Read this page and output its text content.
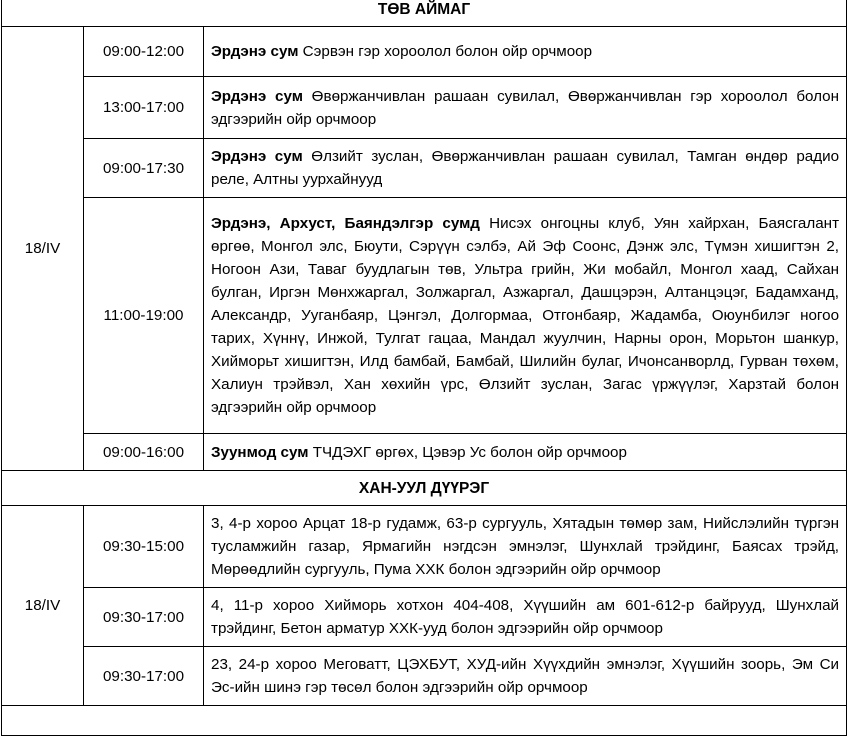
ТӨВ АЙМАГ		
18/IV	09:00-12:00	Эрдэнэ сум Сэрвэн гэр хороолол болон ойр орчмоор
	13:00-17:00	Эрдэнэ сум Өвөржанчивлан рашаан сувилал, Өвөржанчивлан гэр хороолол болон эдгээрийн ойр орчмоор
	09:00-17:30	Эрдэнэ сум Өлзийт зуслан, Өвөржанчивлан рашаан сувилал, Тамган өндөр радио реле, Алтны уурхайнууд
	11:00-19:00	Эрдэнэ, Архуст, Баяндэлгэр сумд Нисэх онгоцны клуб, Уян хайрхан, Баясгалант өргөө, Монгол элс, Бюути, Сэрүүн сэлбэ, Ай Эф Соонс, Дэнж элс, Түмэн хишигтэн 2, Ногоон Ази, Таваг буудлагын төв, Ультра грийн, Жи мобайл, Монгол хаад, Сайхан булган, Иргэн Мөнхжаргал, Золжаргал, Азжаргал, Дашцэрэн, Алтанцэцэг, Бадамханд, Александр, Ууганбаяр, Цэнгэл, Долгормаа, Отгонбаяр, Жадамба, Оюунбилэг ногоо тарих, Хүннү, Инжой, Тулгат гацаа, Мандал жуулчин, Нарны орон, Морьтон шанкур, Хийморьт хишигтэн, Илд бамбай, Бамбай, Шилийн булаг, Ичонсанворлд, Гурван төхөм, Халиун трэйвэл, Хан хөхийн үрс, Өлзийт зуслан, Загас үржүүлэг, Харзтай болон эдгээрийн ойр орчмоор
	09:00-16:00	Зуунмод сум ТЧДЭХГ өргөх, Цэвэр Ус болон ойр орчмоор
ХАН-УУЛ ДҮҮРЭГ		
18/IV	09:30-15:00	3, 4-р хороо Арцат 18-р гудамж, 63-р сургууль, Хятадын төмөр зам, Нийслэлийн түргэн тусламжийн газар, Ярмагийн нэгдсэн эмнэлэг, Шунхлай трэйдинг, Баясах трэйд, Мөрөөдлийн сургууль, Пума ХХК болон эдгээрийн ойр орчмоор
	09:30-17:00	4, 11-р хороо Хийморь хотхон 404-408, Хүүшийн ам 601-612-р байрууд, Шунхлай трэйдинг, Бетон арматур ХХК-ууд болон эдгээрийн ойр орчмоор
	09:30-17:00	23, 24-р хороо Меговатт, ЦЭХБУТ, ХУД-ийн Хүүхдийн эмнэлэг, Хүүшийн зоорь, Эм Си Эс-ийн шинэ гэр төсөл болон эдгээрийн ойр орчмоор
